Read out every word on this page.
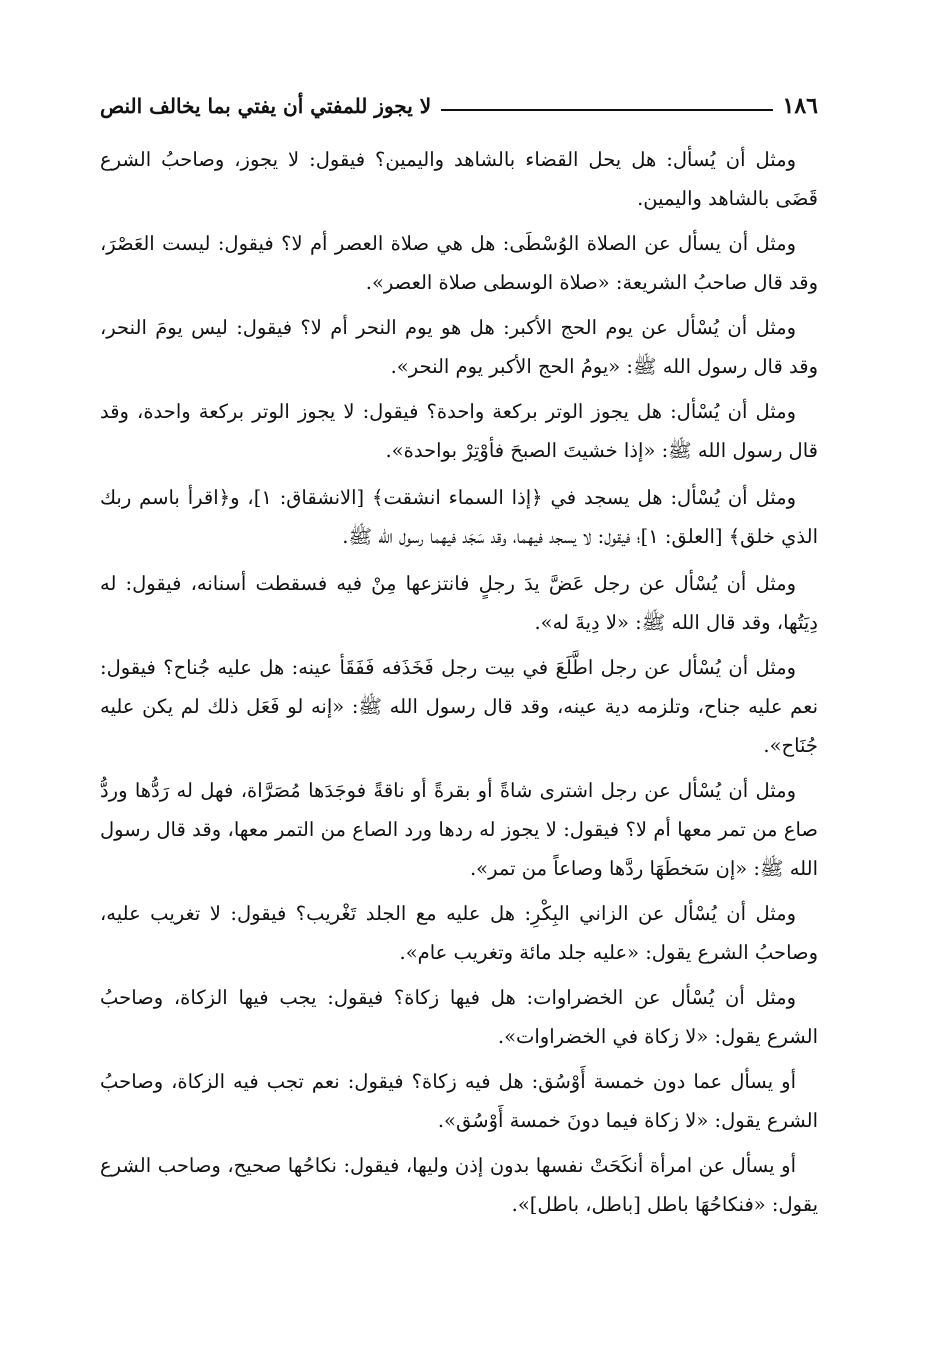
١٨٦
لا يجوز للمفتي أن يفتي بما يخالف النص

ومثل أن يُسأل: هل يحل القضاء بالشاهد واليمين؟ فيقول: لا يجوز، وصاحبُ الشرع قَضَى بالشاهد واليمين.

ومثل أن يسأل عن الصلاة الوُسْطَى: هل هي صلاة العصر أم لا؟ فيقول: ليست العَصْرَ، وقد قال صاحبُ الشريعة: «صلاة الوسطى صلاة العصر».

ومثل أن يُسْأل عن يوم الحج الأكبر: هل هو يوم النحر أم لا؟ فيقول: ليس يومَ النحر، وقد قال رسول الله ﷺ: «يومُ الحج الأكبر يوم النحر».

ومثل أن يُسْأل: هل يجوز الوتر بركعة واحدة؟ فيقول: لا يجوز الوتر بركعة واحدة، وقد قال رسول الله ﷺ: «إذا خشيتَ الصبحَ فأوْتِرْ بواحدة».

ومثل أن يُسْأل: هل يسجد في ﴿إذا السماء انشقت﴾ [الانشقاق: ١]، و﴿اقرأ باسم ربك الذي خلق﴾ [العلق: ١]؛ فيقول: لا يسجد فيهما، وقد سَجَد فيهما رسول الله ﷺ.

ومثل أن يُسْأل عن رجل عَضَّ يدَ رجلٍ فانتزعها مِنْ فيه فسقطت أسنانه، فيقول: له دِيَتُها، وقد قال الله ﷺ: «لا دِيةَ له».

ومثل أن يُسْأل عن رجل اطَّلَعَ في بيت رجل فَخَذَفه فَفَقَأ عينه: هل عليه جُناح؟ فيقول: نعم عليه جناح، وتلزمه دية عينه، وقد قال رسول الله ﷺ: «إنه لو فَعَل ذلك لم يكن عليه جُنَاح».

ومثل أن يُسْأل عن رجل اشترى شاةً أو بقرةً أو ناقةً فوجَدَها مُصَرَّاة، فهل له رَدُّها وردُّ صاع من تمر معها أم لا؟ فيقول: لا يجوز له ردها ورد الصاع من التمر معها، وقد قال رسول الله ﷺ: «إن سَخطَهَا ردَّها وصاعاً من تمر».

ومثل أن يُسْأل عن الزاني البِكْرِ: هل عليه مع الجلد تَغْريب؟ فيقول: لا تغريب عليه، وصاحبُ الشرع يقول: «عليه جلد مائة وتغريب عام».

ومثل أن يُسْأل عن الخضراوات: هل فيها زكاة؟ فيقول: يجب فيها الزكاة، وصاحبُ الشرع يقول: «لا زكاة في الخضراوات».

أو يسأل عما دون خمسة أَوْسُق: هل فيه زكاة؟ فيقول: نعم تجب فيه الزكاة، وصاحبُ الشرع يقول: «لا زكاة فيما دونَ خمسة أَوْسُق».

أو يسأل عن امرأة أنكَحَتْ نفسها بدون إذن وليها، فيقول: نكاحُها صحيح، وصاحب الشرع يقول: «فنكاحُهَا باطل [باطل، باطل]».
